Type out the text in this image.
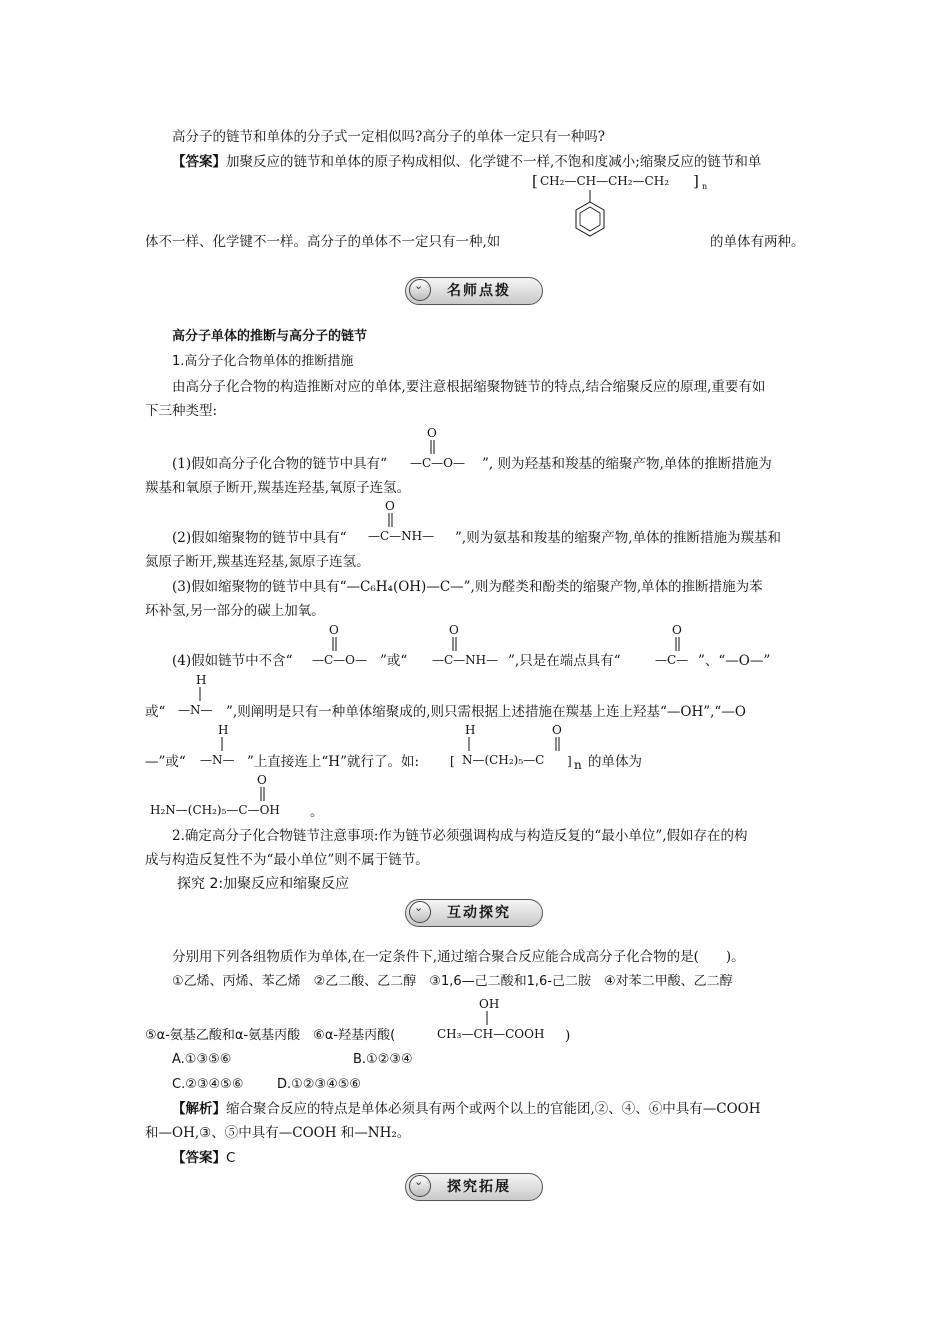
高分子的链节和单体的分子式一定相似吗?高分子的单体一定只有一种吗?
【答案】加聚反应的链节和单体的原子构成相似、化学键不一样,不饱和度减小;缩聚反应的链节和单
[ CH₂—CH—CH₂—CH₂ ] n
体不一样、化学键不一样。高分子的单体不一定只有一种,如	的单体有两种。
⌄ 名师点拨
高分子单体的推断与高分子的链节
1.高分子化合物单体的推断措施
由高分子化合物的构造推断对应的单体,要注意根据缩聚物链节的特点,结合缩聚反应的原理,重要有如
下三种类型:
(1)假如高分子化合物的链节中具有“
O
—C—O— ”, 则为羟基和羧基的缩聚产物,单体的推断措施为
羰基和氧原子断开,羰基连羟基,氧原子连氢。
(2)假如缩聚物的链节中具有“
O
—C—NH— ”,则为氨基和羧基的缩聚产物,单体的推断措施为羰基和
氮原子断开,羰基连羟基,氮原子连氢。
(3)假如缩聚物的链节中具有“—C₆H₄(OH)—C—”,则为醛类和酚类的缩聚产物,单体的推断措施为苯
环补氢,另一部分的碳上加氧。
(4)假如链节中不含“
O
—C—O— ”或“
O
—C—NH— ”,只是在端点具有“
O
—C— ”、“—O—”
或“
H
—N— ”,则阐明是只有一种单体缩聚成的,则只需根据上述措施在羰基上连上羟基“—OH”,“—O
—”或“
H
—N— ”上直接连上“H”就行了。如:
H	O
[ N—(CH₂)₅—C ] n 的单体为
O
H₂N—(CH₂)₅—C—OH 。
2.确定高分子化合物链节注意事项:作为链节必须强调构成与构造反复的“最小单位”,假如存在的构
成与构造反复性不为“最小单位”则不属于链节。
探究 2:加聚反应和缩聚反应
⌄ 互动探究
分别用下列各组物质作为单体,在一定条件下,通过缩合聚合反应能合成高分子化合物的是(　　)。
①乙烯、丙烯、苯乙烯　②乙二酸、乙二醇　③1,6—己二酸和1,6-己二胺　④对苯二甲酸、乙二醇
⑤α-氨基乙酸和α-氨基丙酸　⑥α-羟基丙酸(
OH
CH₃—CH—COOH )
A.①③⑤⑥	B.①②③④
C.②③④⑤⑥	D.①②③④⑤⑥
【解析】缩合聚合反应的特点是单体必须具有两个或两个以上的官能团,②、④、⑥中具有—COOH
和—OH,③、⑤中具有—COOH 和—NH₂。
【答案】C
⌄ 探究拓展
